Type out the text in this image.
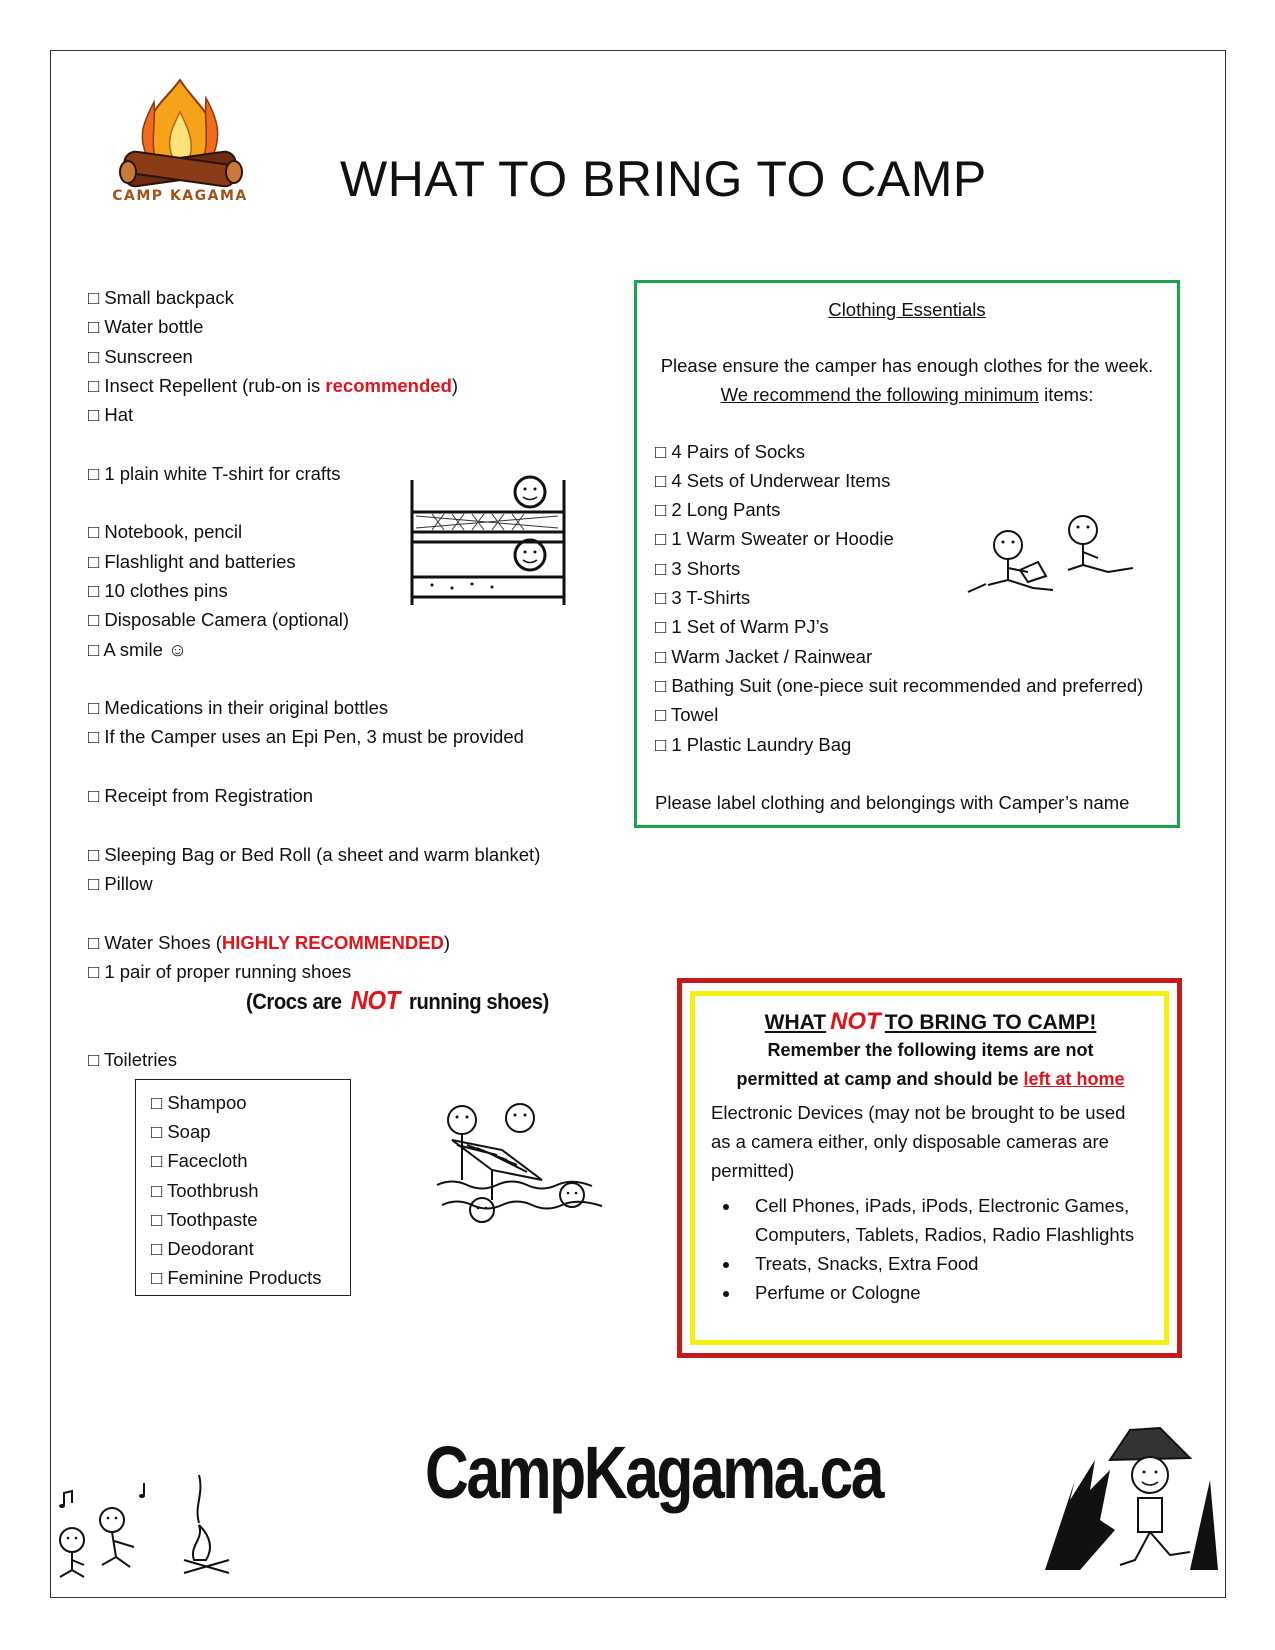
CAMP KAGAMA	WHAT TO BRING TO CAMP
□ Small backpack
□ Water bottle
□ Sunscreen
□ Insect Repellent (rub-on is recommended)
□ Hat
□ 1 plain white T-shirt for crafts
□ Notebook, pencil
□ Flashlight and batteries
□ 10 clothes pins
□ Disposable Camera (optional)
□ A smile ☺
□ Medications in their original bottles
□ If the Camper uses an Epi Pen, 3 must be provided
□ Receipt from Registration
□ Sleeping Bag or Bed Roll (a sheet and warm blanket)
□ Pillow
□ Water Shoes (HIGHLY RECOMMENDED)
□ 1 pair of proper running shoes
(Crocs are NOT running shoes)
□ Toiletries
□ Shampoo
□ Soap
□ Facecloth
□ Toothbrush
□ Toothpaste
□ Deodorant
□ Feminine Products
Clothing Essentials
Please ensure the camper has enough clothes for the week.
We recommend the following minimum items:
□ 4 Pairs of Socks
□ 4 Sets of Underwear Items
□ 2 Long Pants
□ 1 Warm Sweater or Hoodie
□ 3 Shorts
□ 3 T-Shirts
□ 1 Set of Warm PJ’s
□ Warm Jacket / Rainwear
□ Bathing Suit (one-piece suit recommended and preferred)
□ Towel
□ 1 Plastic Laundry Bag
Please label clothing and belongings with Camper’s name
WHAT NOT TO BRING TO CAMP!
Remember the following items are not
permitted at camp and should be left at home
Electronic Devices (may not be brought to be used as a camera either, only disposable cameras are permitted)
• Cell Phones, iPads, iPods, Electronic Games, Computers, Tablets, Radios, Radio Flashlights
• Treats, Snacks, Extra Food
• Perfume or Cologne
CampKagama.ca
